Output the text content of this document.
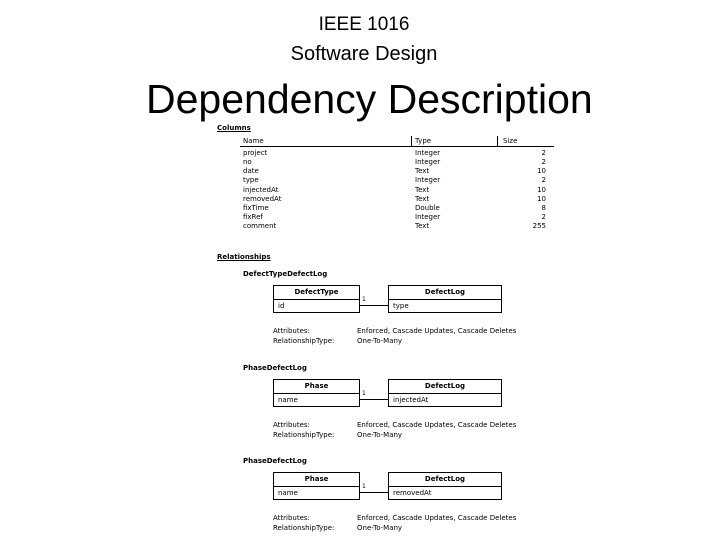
IEEE 1016
Software Design
Dependency Description
Columns
Name	Type	Size
project	Integer	2
no	Integer	2
date	Text	10
type	Integer	2
injectedAt	Text	10
removedAt	Text	10
fixTime	Double	8
fixRef	Integer	2
comment	Text	255
Relationships
DefectTypeDefectLog
DefectType
id
DefectLog
type
1
Attributes:	Enforced, Cascade Updates, Cascade Deletes
RelationshipType:	One-To-Many
PhaseDefectLog
Phase
name
DefectLog
injectedAt
1
Attributes:	Enforced, Cascade Updates, Cascade Deletes
RelationshipType:	One-To-Many
PhaseDefectLog
Phase
name
DefectLog
removedAt
1
Attributes:	Enforced, Cascade Updates, Cascade Deletes
RelationshipType:	One-To-Many
